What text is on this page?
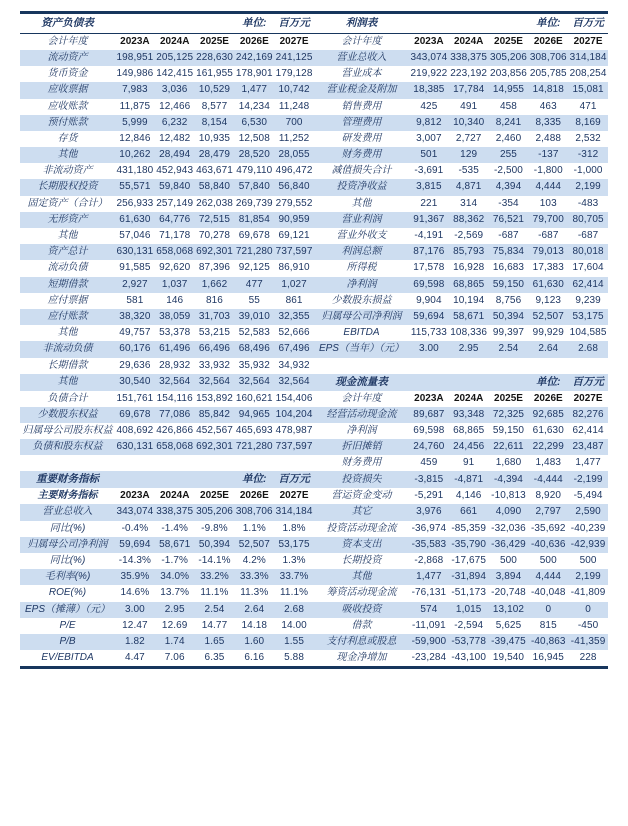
资产负债表				单位:	百万元	利润表				单位:	百万元
会计年度	2023A	2024A	2025E	2026E	2027E	会计年度	2023A	2024A	2025E	2026E	2027E
流动资产	198,951	205,125	228,630	242,169	241,125	营业总收入	343,074	338,375	305,206	308,706	314,184
货币资金	149,986	142,415	161,955	178,901	179,128	营业成本	219,922	223,192	203,856	205,785	208,254
应收票据	7,983	3,036	10,529	1,477	10,742	营业税金及附加	18,385	17,784	14,955	14,818	15,081
应收账款	11,875	12,466	8,577	14,234	11,248	销售费用	425	491	458	463	471
预付账款	5,999	6,232	8,154	6,530	700	管理费用	9,812	10,340	8,241	8,335	8,169
存货	12,846	12,482	10,935	12,508	11,252	研发费用	3,007	2,727	2,460	2,488	2,532
其他	10,262	28,494	28,479	28,520	28,055	财务费用	501	129	255	-137	-312
非流动资产	431,180	452,943	463,671	479,110	496,472	减值损失合计	-3,691	-535	-2,500	-1,800	-1,000
长期股权投资	55,571	59,840	58,840	57,840	56,840	投资净收益	3,815	4,871	4,394	4,444	2,199
固定资产（合计）	256,933	257,149	262,038	269,739	279,552	其他	221	314	-354	103	-483
无形资产	61,630	64,776	72,515	81,854	90,959	营业利润	91,367	88,362	76,521	79,700	80,705
其他	57,046	71,178	70,278	69,678	69,121	营业外收支	-4,191	-2,569	-687	-687	-687
资产总计	630,131	658,068	692,301	721,280	737,597	利润总额	87,176	85,793	75,834	79,013	80,018
流动负债	91,585	92,620	87,396	92,125	86,910	所得税	17,578	16,928	16,683	17,383	17,604
短期借款	2,927	1,037	1,662	477	1,027	净利润	69,598	68,865	59,150	61,630	62,414
应付票据	581	146	816	55	861	少数股东损益	9,904	10,194	8,756	9,123	9,239
应付账款	38,320	38,059	31,703	39,010	32,355	归属母公司净利润	59,694	58,671	50,394	52,507	53,175
其他	49,757	53,378	53,215	52,583	52,666	EBITDA	115,733	108,336	99,397	99,929	104,585
非流动负债	60,176	61,496	66,496	68,496	67,496	EPS（当年）（元）	3.00	2.95	2.54	2.64	2.68
长期借款	29,636	28,932	33,932	35,932	34,932						
其他	30,540	32,564	32,564	32,564	32,564	现金流量表				单位:	百万元
负债合计	151,761	154,116	153,892	160,621	154,406	会计年度	2023A	2024A	2025E	2026E	2027E
少数股东权益	69,678	77,086	85,842	94,965	104,204	经营活动现金流	89,687	93,348	72,325	92,685	82,276
归属母公司股东权益	408,692	426,866	452,567	465,693	478,987	净利润	69,598	68,865	59,150	61,630	62,414
负债和股东权益	630,131	658,068	692,301	721,280	737,597	折旧摊销	24,760	24,456	22,611	22,299	23,487
						财务费用	459	91	1,680	1,483	1,477
重要财务指标				单位:	百万元	投资损失	-3,815	-4,871	-4,394	-4,444	-2,199
主要财务指标	2023A	2024A	2025E	2026E	2027E	营运资金变动	-5,291	4,146	-10,813	8,920	-5,494
营业总收入	343,074	338,375	305,206	308,706	314,184	其它	3,976	661	4,090	2,797	2,590
同比(%)	-0.4%	-1.4%	-9.8%	1.1%	1.8%	投资活动现金流	-36,974	-85,359	-32,036	-35,692	-40,239
归属母公司净利润	59,694	58,671	50,394	52,507	53,175	资本支出	-35,583	-35,790	-36,429	-40,636	-42,939
同比(%)	-14.3%	-1.7%	-14.1%	4.2%	1.3%	长期投资	-2,868	-17,675	500	500	500
毛利率(%)	35.9%	34.0%	33.2%	33.3%	33.7%	其他	1,477	-31,894	3,894	4,444	2,199
ROE(%)	14.6%	13.7%	11.1%	11.3%	11.1%	筹资活动现金流	-76,131	-51,173	-20,748	-40,048	-41,809
EPS（摊薄）（元）	3.00	2.95	2.54	2.64	2.68	吸收投资	574	1,015	13,102	0	0
P/E	12.47	12.69	14.77	14.18	14.00	借款	-11,091	-2,594	5,625	815	-450
P/B	1.82	1.74	1.65	1.60	1.55	支付利息或股息	-59,900	-53,778	-39,475	-40,863	-41,359
EV/EBITDA	4.47	7.06	6.35	6.16	5.88	现金净增加	-23,284	-43,100	19,540	16,945	228
